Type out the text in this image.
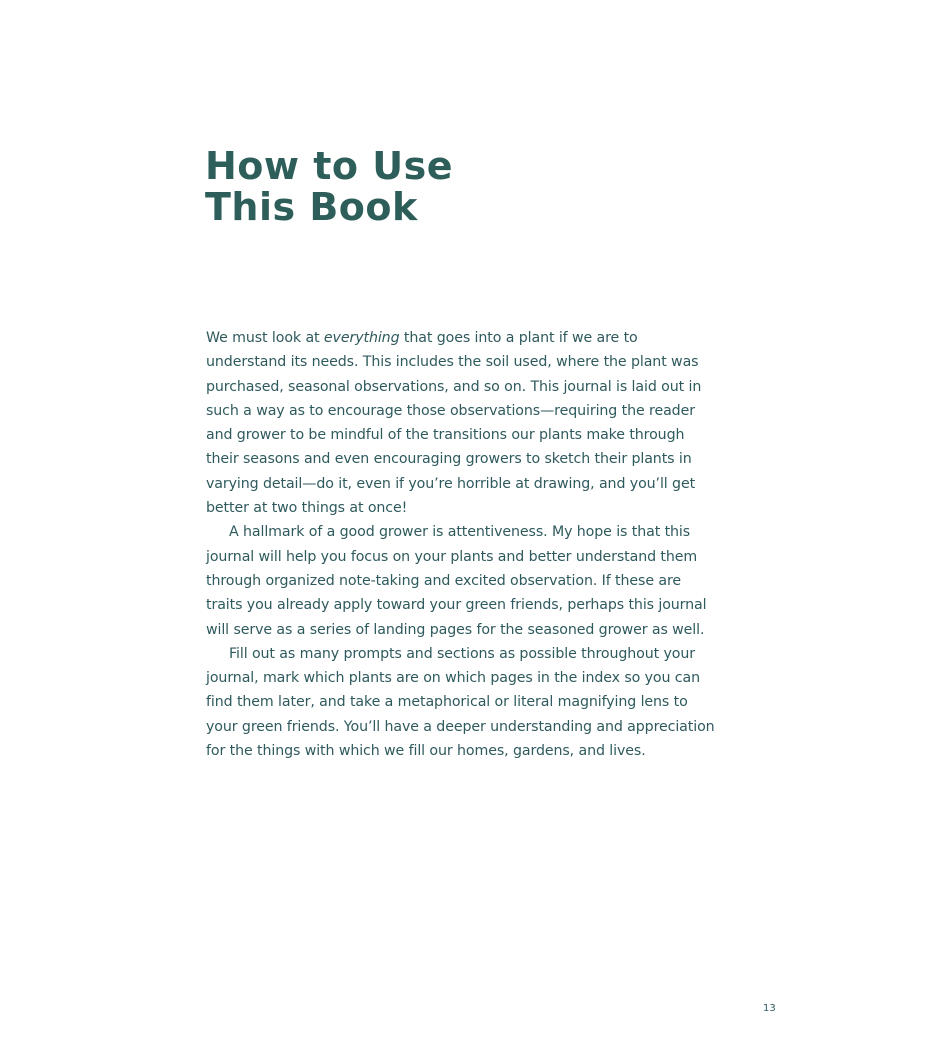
How to Use
This Book

We must look at everything that goes into a plant if we are to understand its needs. This includes the soil used, where the plant was purchased, seasonal observations, and so on. This journal is laid out in such a way as to encourage those observations—requiring the reader and grower to be mindful of the transitions our plants make through their seasons and even encouraging growers to sketch their plants in varying detail—do it, even if you’re horrible at drawing, and you’ll get better at two things at once!

A hallmark of a good grower is attentiveness. My hope is that this journal will help you focus on your plants and better understand them through organized note-taking and excited observation. If these are traits you already apply toward your green friends, perhaps this journal will serve as a series of landing pages for the seasoned grower as well.

Fill out as many prompts and sections as possible throughout your journal, mark which plants are on which pages in the index so you can find them later, and take a metaphorical or literal magnifying lens to your green friends. You’ll have a deeper understanding and appreciation for the things with which we fill our homes, gardens, and lives.

13
